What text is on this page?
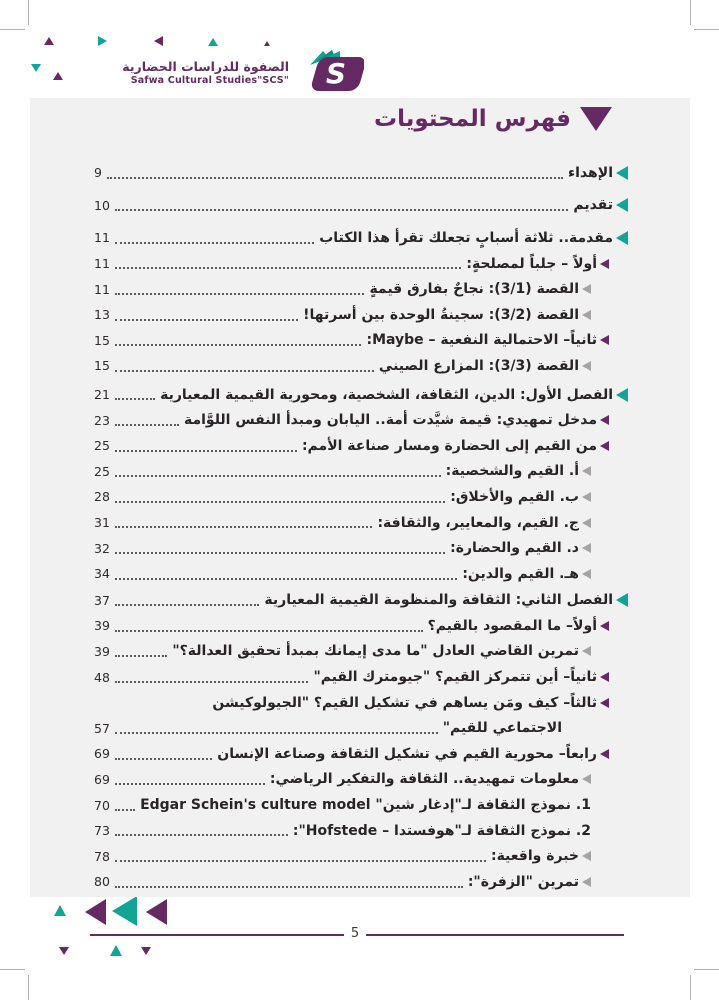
الصفوة للدراسات الحضارية
Safwa Cultural Studies"SCS" S
فهرس المحتويات
الإهداء
9
تقديم
10
مقدمة.. ثلاثة أسبابٍ تجعلك تقرأ هذا الكتاب
11
أولاً – جلباً لمصلحةٍ:
11
القصة (3/1): نجاحٌ بفارق قيمةٍ
11
القصة (3/2): سجينةُ الوحدة بين أسرتها!
13
ثانياً– الاحتمالية النفعية – Maybe:
15
القصة (3/3): المزارع الصيني
15
الفصل الأول: الدين، الثقافة، الشخصية، ومحورية القيمية المعيارية
21
مدخل تمهيدي: قيمة شيَّدت أمة.. اليابان ومبدأ النفس اللوَّامة
23
من القيم إلى الحضارة ومسار صناعة الأمم:
25
أ. القيم والشخصية:
25
ب. القيم والأخلاق:
28
ج. القيم، والمعايير، والثقافة:
31
د. القيم والحضارة:
32
هـ. القيم والدين:
34
الفصل الثاني: الثقافة والمنظومة القيمية المعيارية
37
أولاً– ما المقصود بالقيم؟
39
تمرين القاضي العادل "ما مدى إيمانك بمبدأ تحقيق العدالة؟"
39
ثانياً– أين تتمركز القيم؟ "جيومترك القيم"
48
ثالثاً– كيف ومَن يساهم في تشكيل القيم؟ "الجيولوكيشن
الاجتماعي للقيم"
57
رابعاً– محورية القيم في تشكيل الثقافة وصناعة الإنسان
69
معلومات تمهيدية.. الثقافة والتفكير الرياضي:
69
1. نموذج الثقافة لـ"إدغار شين" Edgar Schein's culture model
70
2. نموذج الثقافة لـ"هوفستدا – Hofstede":
73
خبرة واقعية:
78
تمرين "الزفرة":
80
5
